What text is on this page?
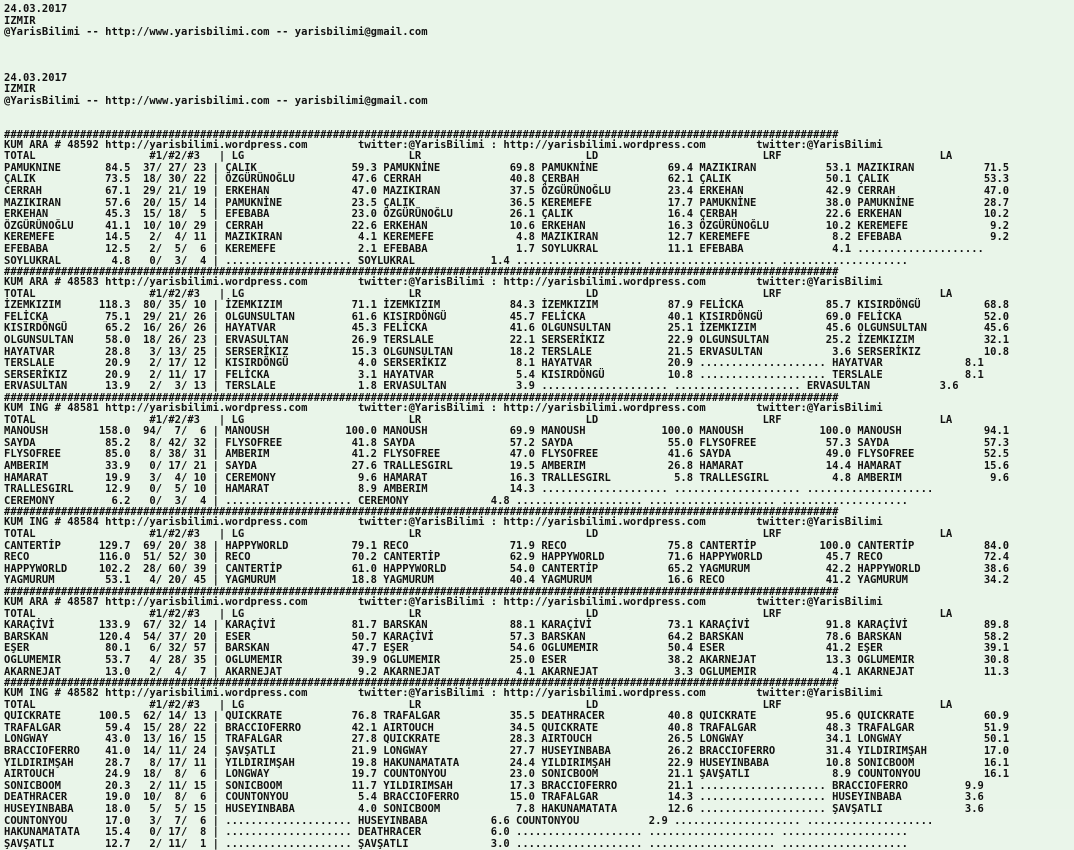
24.03.2017
IZMIR
@YarisBilimi -- http://www.yarisbilimi.com -- yarisbilimi@gmail.com
24.03.2017
IZMIR
@YarisBilimi -- http://www.yarisbilimi.com -- yarisbilimi@gmail.com
####################################################################################################################################
KUM ARA # 48592 http://yarisbilimi.wordpress.com        twitter:@YarisBilimi : http://yarisbilimi.wordpress.com        twitter:@YarisBilimi
TOTAL                  #1/#2/#3   | LG                          LR                          LD                          LRF                         LA
PAMUKNINE       84.5  37/ 27/ 23 | ÇALIK               59.3 PAMUKNİNE           69.8 PAMUKNİNE           69.4 MAZIKIRAN           53.1 MAZIKIRAN           71.5
ÇALIK           73.5  18/ 30/ 22 | ÖZGÜRÜNOĞLU         47.6 CERRAH              40.8 ÇERBAH              62.1 ÇALIK               50.1 ÇALIK               53.3
CERRAH          67.1  29/ 21/ 19 | ERKEHAN             47.0 MAZIKIRAN           37.5 ÖZGÜRÜNOĞLU         23.4 ERKEHAN             42.9 CERRAH              47.0
MAZIKIRAN       57.6  20/ 15/ 14 | PAMUKNİNE           23.5 ÇALIK               36.5 KEREMEFE            17.7 PAMUKNİNE           38.0 PAMUKNİNE           28.7
ERKEHAN         45.3  15/ 18/  5 | EFEBABA             23.0 ÖZGÜRÜNOĞLU         26.1 ÇALIK               16.4 ÇERBAH              22.6 ERKEHAN             10.2
ÖZGÜRÜNOĞLU     41.1  10/ 10/ 29 | CERRAH              22.6 ERKEHAN             10.6 ERKEHAN             16.3 ÖZGÜRÜNOĞLU         10.2 KEREMEFE             9.2
KEREMEFE        14.5   2/  4/ 11 | MAZIKIRAN            4.1 KEREMEFE             4.8 MAZIKIRAN           12.7 KEREMEFE             8.2 EFEBABA              9.2
EFEBABA         12.5   2/  5/  6 | KEREMEFE             2.1 EFEBABA              1.7 SOYLUKRAL           11.1 EFEBABA              4.1 ....................
SOYLUKRAL        4.8   0/  3/  4 | .................... SOYLUKRAL            1.4 .................... .................... ....................
####################################################################################################################################
KUM ARA # 48583 http://yarisbilimi.wordpress.com        twitter:@YarisBilimi : http://yarisbilimi.wordpress.com        twitter:@YarisBilimi
TOTAL                  #1/#2/#3   | LG                          LR                          LD                          LRF                         LA
İZEMKIZIM      118.3  80/ 35/ 10 | İZEMKIZIM           71.1 İZEMKIZIM           84.3 İZEMKIZIM           87.9 FELİCKA             85.7 KISIRDÖNGÜ          68.8
FELİCKA         75.1  29/ 21/ 26 | OLGUNSULTAN         61.6 KISIRDÖNGÜ          45.7 FELİCKA             40.1 KISIRDÖNGÜ          69.0 FELİCKA             52.0
KISIRDÖNGÜ      65.2  16/ 26/ 26 | HAYATVAR            45.3 FELİCKA             41.6 OLGUNSULTAN         25.1 İZEMKIZIM           45.6 OLGUNSULTAN         45.6
OLGUNSULTAN     58.0  18/ 26/ 23 | ERVASULTAN          26.9 TERSLALE            22.1 SERSERİKIZ          22.9 OLGUNSULTAN         25.2 İZEMKIZIM           32.1
HAYATVAR        28.8   3/ 13/ 25 | SERSERİKIZ          15.3 OLGUNSULTAN         18.2 TERSLALE            21.5 ERVASULTAN           3.6 SERSERİKIZ          10.8
TERSLALE        20.9   2/ 17/ 12 | KISIRDÖNGÜ           4.0 SERSERİKIZ           8.1 HAYATVAR            20.9 .................... HAYATVAR             8.1
SERSERİKIZ      20.9   2/ 11/ 17 | FELİCKA              3.1 HAYATVAR             5.4 KISIRDÖNGÜ          10.8 .................... TERSLALE             8.1
ERVASULTAN      13.9   2/  3/ 13 | TERSLALE             1.8 ERVASULTAN           3.9 .................... .................... ERVASULTAN           3.6
####################################################################################################################################
KUM ING # 48581 http://yarisbilimi.wordpress.com        twitter:@YarisBilimi : http://yarisbilimi.wordpress.com        twitter:@YarisBilimi
TOTAL                  #1/#2/#3   | LG                          LR                          LD                          LRF                         LA
MANOUSH        158.0  94/  7/  6 | MANOUSH            100.0 MANOUSH             69.9 MANOUSH            100.0 MANOUSH            100.0 MANOUSH             94.1
SAYDA           85.2   8/ 42/ 32 | FLYSOFREE           41.8 SAYDA               57.2 SAYDA               55.0 FLYSOFREE           57.3 SAYDA               57.3
FLYSOFREE       85.0   8/ 38/ 31 | AMBERIM             41.2 FLYSOFREE           47.0 FLYSOFREE           41.6 SAYDA               49.0 FLYSOFREE           52.5
AMBERIM         33.9   0/ 17/ 21 | SAYDA               27.6 TRALLESGIRL         19.5 AMBERIM             26.8 HAMARAT             14.4 HAMARAT             15.6
HAMARAT         19.9   3/  4/ 10 | CEREMONY             9.6 HAMARAT             16.3 TRALLESGIRL          5.8 TRALLESGIRL          4.8 AMBERIM              9.6
TRALLESGIRL     12.9   0/  5/ 10 | HAMARAT              8.9 AMBERIM             14.3 .................... .................... ....................
CEREMONY         6.2   0/  3/  4 | .................... CEREMONY             4.8 .................... .................... ....................
####################################################################################################################################
KUM ING # 48584 http://yarisbilimi.wordpress.com        twitter:@YarisBilimi : http://yarisbilimi.wordpress.com        twitter:@YarisBilimi
TOTAL                  #1/#2/#3   | LG                          LR                          LD                          LRF                         LA
CANTERTİP      129.7  69/ 20/ 38 | HAPPYWORLD          79.1 RECO                71.9 RECO                75.8 CANTERTİP          100.0 CANTERTİP           84.0
RECO           116.0  51/ 52/ 30 | RECO                70.2 CANTERTİP           62.9 HAPPYWORLD          71.6 HAPPYWORLD          45.7 RECO                72.4
HAPPYWORLD     102.2  28/ 60/ 39 | CANTERTİP           61.0 HAPPYWORLD          54.0 CANTERTİP           65.2 YAGMURUM            42.2 HAPPYWORLD          38.6
YAGMURUM        53.1   4/ 20/ 45 | YAGMURUM            18.8 YAGMURUM            40.4 YAGMURUM            16.6 RECO                41.2 YAGMURUM            34.2
####################################################################################################################################
KUM ARA # 48587 http://yarisbilimi.wordpress.com        twitter:@YarisBilimi : http://yarisbilimi.wordpress.com        twitter:@YarisBilimi
TOTAL                  #1/#2/#3   | LG                          LR                          LD                          LRF                         LA
KARAÇİVİ       133.9  67/ 32/ 14 | KARAÇİVİ            81.7 BARSKAN             88.1 KARAÇİVİ            73.1 KARAÇİVİ            91.8 KARAÇİVİ            89.8
BARSKAN        120.4  54/ 37/ 20 | ESER                50.7 KARAÇİVİ            57.3 BARSKAN             64.2 BARSKAN             78.6 BARSKAN             58.2
EŞER            80.1   6/ 32/ 57 | BARSKAN             47.7 EŞER                54.6 OGLUMEMIR           50.4 ESER                41.2 EŞER                39.1
OGLUMEMIR       53.7   4/ 28/ 35 | OGLUMEMIR           39.9 OGLUMEMIR           25.0 ESER                38.2 AKARNEJAT           13.3 OGLUMEMIR           30.8
AKARNEJAT       13.0   2/  4/  7 | AKARNEJAT            9.2 AKARNEJAT            4.1 AKARNEJAT            3.3 OGLUMEMIR            4.1 AKARNEJAT           11.3
####################################################################################################################################
KUM ING # 48582 http://yarisbilimi.wordpress.com        twitter:@YarisBilimi : http://yarisbilimi.wordpress.com        twitter:@YarisBilimi
TOTAL                  #1/#2/#3   | LG                          LR                          LD                          LRF                         LA
QUICKRATE      100.5  62/ 14/ 13 | QUICKRATE           76.8 TRAFALGAR           35.5 DEATHRACER          40.8 QUICKRATE           95.6 QUICKRATE           60.9
TRAFALGAR       59.4  15/ 28/ 22 | BRACCIOFERRO        42.1 AIRTOUCH            34.5 QUICKRATE           40.8 TRAFALGAR           48.3 TRAFALGAR           51.9
LONGWAY         43.0  13/ 16/ 15 | TRAFALGAR           27.8 QUICKRATE           28.3 AIRTOUCH            26.5 LONGWAY             34.1 LONGWAY             50.1
BRACCIOFERRO    41.0  14/ 11/ 24 | ŞAVŞATLI            21.9 LONGWAY             27.7 HUSEYINBABA         26.2 BRACCIOFERRO        31.4 YILDIRIMŞAH         17.0
YILDIRIMŞAH     28.7   8/ 17/ 11 | YILDIRIMŞAH         19.8 HAKUNAMATATA        24.4 YILDIRIMŞAH         22.9 HUSEYINBABA         10.8 SONICBOOM           16.1
AIRTOUCH        24.9  18/  8/  6 | LONGWAY             19.7 COUNTONYOU          23.0 SONICBOOM           21.1 ŞAVŞATLI             8.9 COUNTONYOU          16.1
SONICBOOM       20.3   2/ 11/ 15 | SONICBOOM           11.7 YILDIRIMSAH         17.3 BRACCIOFERRO        21.1 .................... BRACCIOFERRO         9.9
DEATHRACER      19.0  10/  8/  6 | COUNTONYOU           5.4 BRACCIOFERRO        15.0 TRAFALGAR           14.3 .................... HUSEYINBABA          3.6
HUSEYINBABA     18.0   5/  5/ 15 | HUSEYINBABA          4.0 SONICBOOM            7.8 HAKUNAMATATA        12.6 .................... ŞAVŞATLI             3.6
COUNTONYOU      17.0   3/  7/  6 | .................... HUSEYINBABA          6.6 COUNTONYOU           2.9 .................... ....................
HAKUNAMATATA    15.4   0/ 17/  8 | .................... DEATHRACER           6.0 .................... .................... ....................
ŞAVŞATLI        12.7   2/ 11/  1 | .................... ŞAVŞATLI             3.0 .................... .................... ....................
